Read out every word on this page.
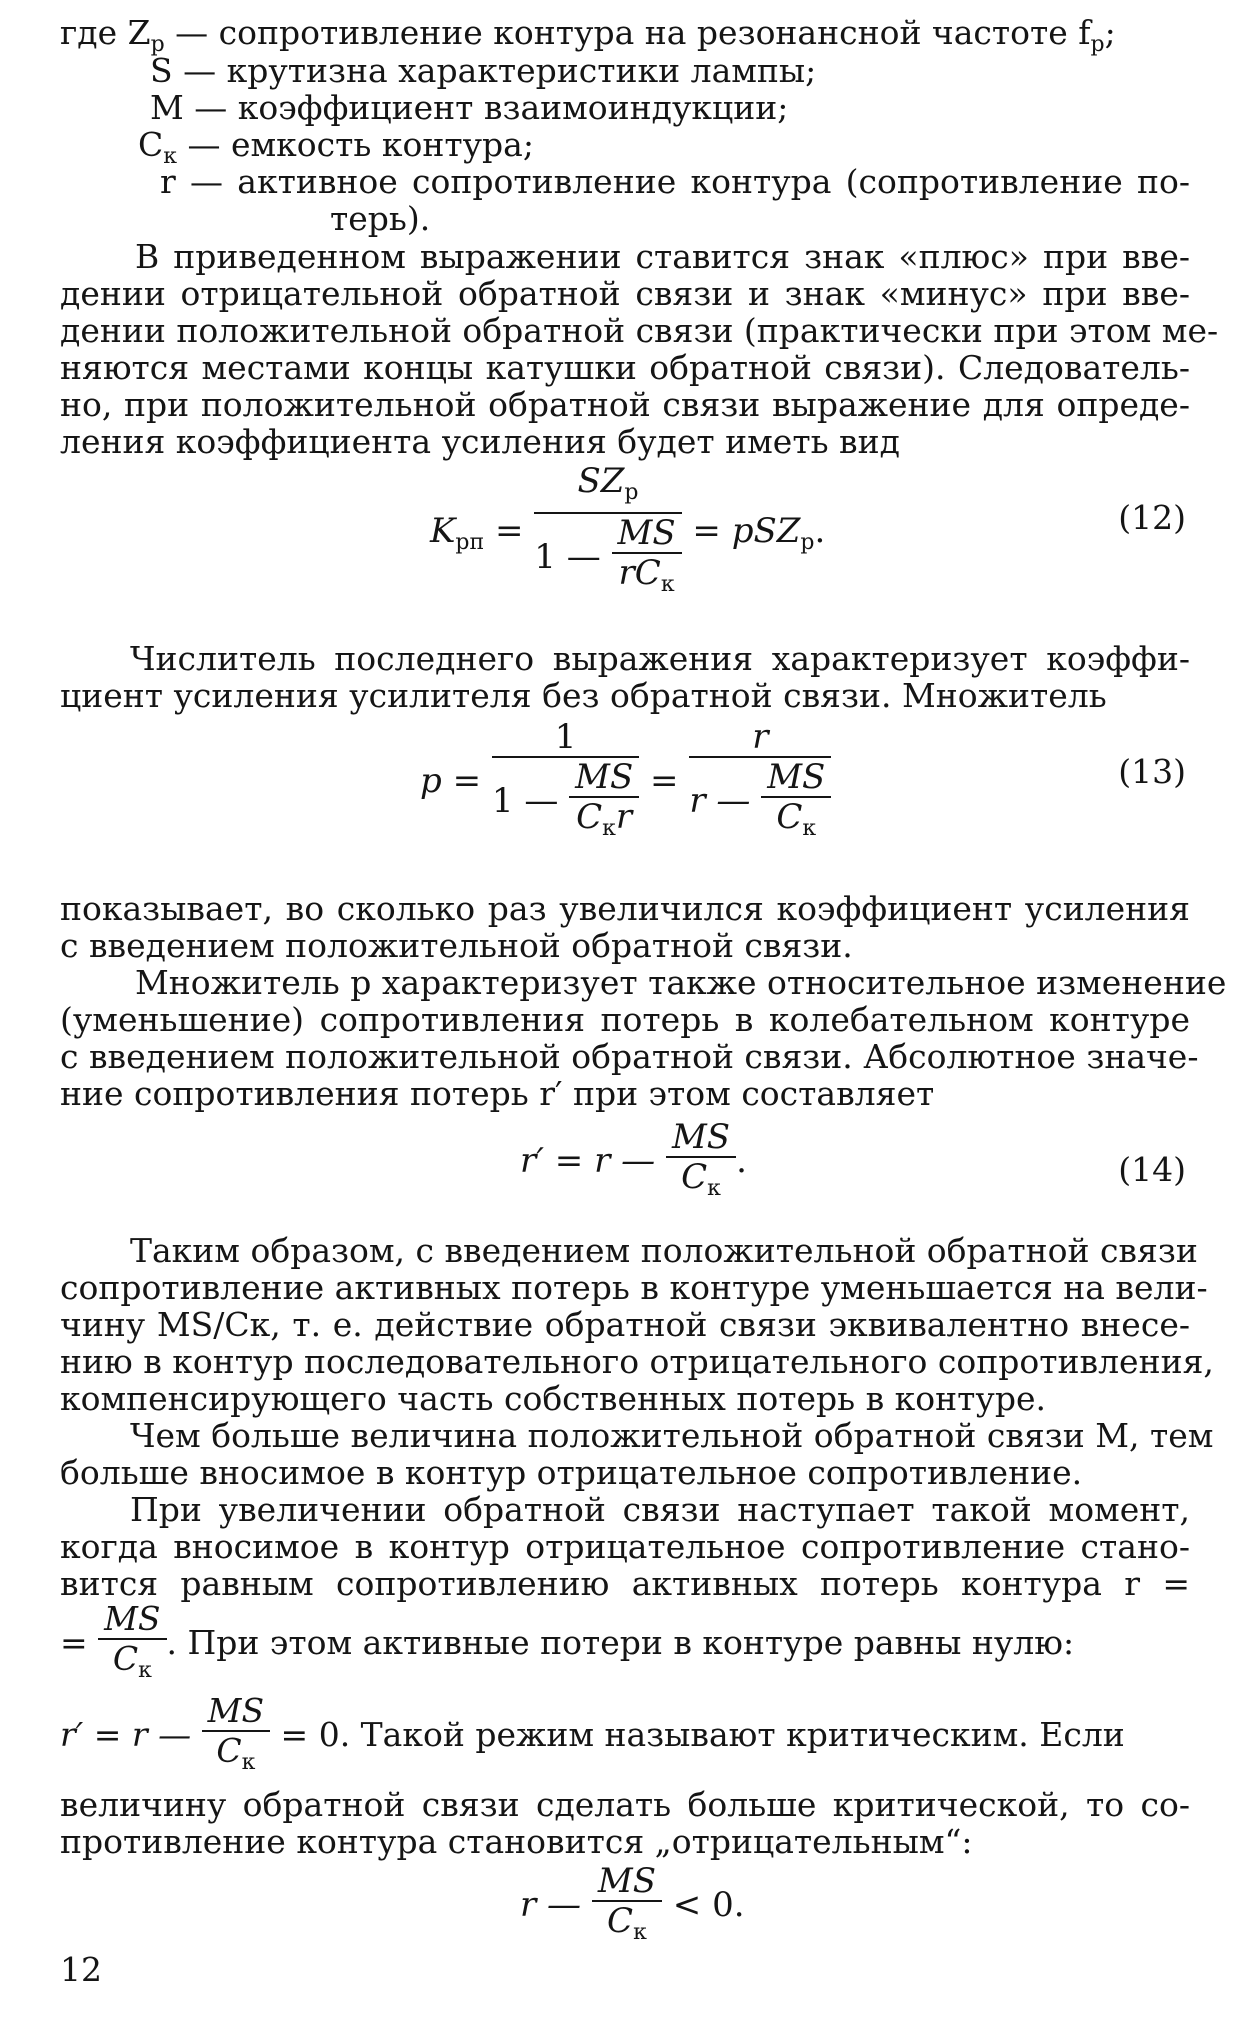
где $Z_р$ — сопротивление контура на резонансной частоте $f_р$;
S — крутизна характеристики лампы;
M — коэффициент взаимоиндукции;
$C_к$ — емкость контура;
r — активное сопротивление контура (сопротивление по-
терь).
В приведенном выражении ставится знак «плюс» при вве-
дении отрицательной обратной связи и знак «минус» при вве-
дении положительной обратной связи (практически при этом ме-
няются местами концы катушки обратной связи). Следователь-
но, при положительной обратной связи выражение для опреде-
ления коэффициента усиления будет иметь вид
$K_{рп} = \frac{SZ_р}{1 — \frac{MS}{rC_к}} = pSZ_р$.	(12)
Числитель последнего выражения характеризует коэффи-
циент усиления усилителя без обратной связи. Множитель
$p = \frac{1}{1 — \frac{MS}{C_кr}} = \frac{r}{r — \frac{MS}{C_к}}$	(13)
показывает, во сколько раз увеличился коэффициент усиления
с введением положительной обратной связи.
Множитель p характеризует также относительное изменение
(уменьшение) сопротивления потерь в колебательном контуре
с введением положительной обратной связи. Абсолютное значе-
ние сопротивления потерь r′ при этом составляет
r′ = r — $\frac{MS}{C_к}$ .	(14)
Таким образом, с введением положительной обратной связи
сопротивление активных потерь в контуре уменьшается на вели-
чину MS/Cк, т. е. действие обратной связи эквивалентно внесе-
нию в контур последовательного отрицательного сопротивления,
компенсирующего часть собственных потерь в контуре.
Чем больше величина положительной обратной связи M, тем
больше вносимое в контур отрицательное сопротивление.
При увеличении обратной связи наступает такой момент,
когда вносимое в контур отрицательное сопротивление стано-
вится равным сопротивлению активных потерь контура r =
= $\frac{MS}{C_к}$ . При этом активные потери в контуре равны нулю:
r′ = r — $\frac{MS}{C_к} = 0$. Такой режим называют критическим. Если
величину обратной связи сделать больше критической, то со-
противление контура становится „отрицательным“:
r — $\frac{MS}{C_к} < 0$.
12
